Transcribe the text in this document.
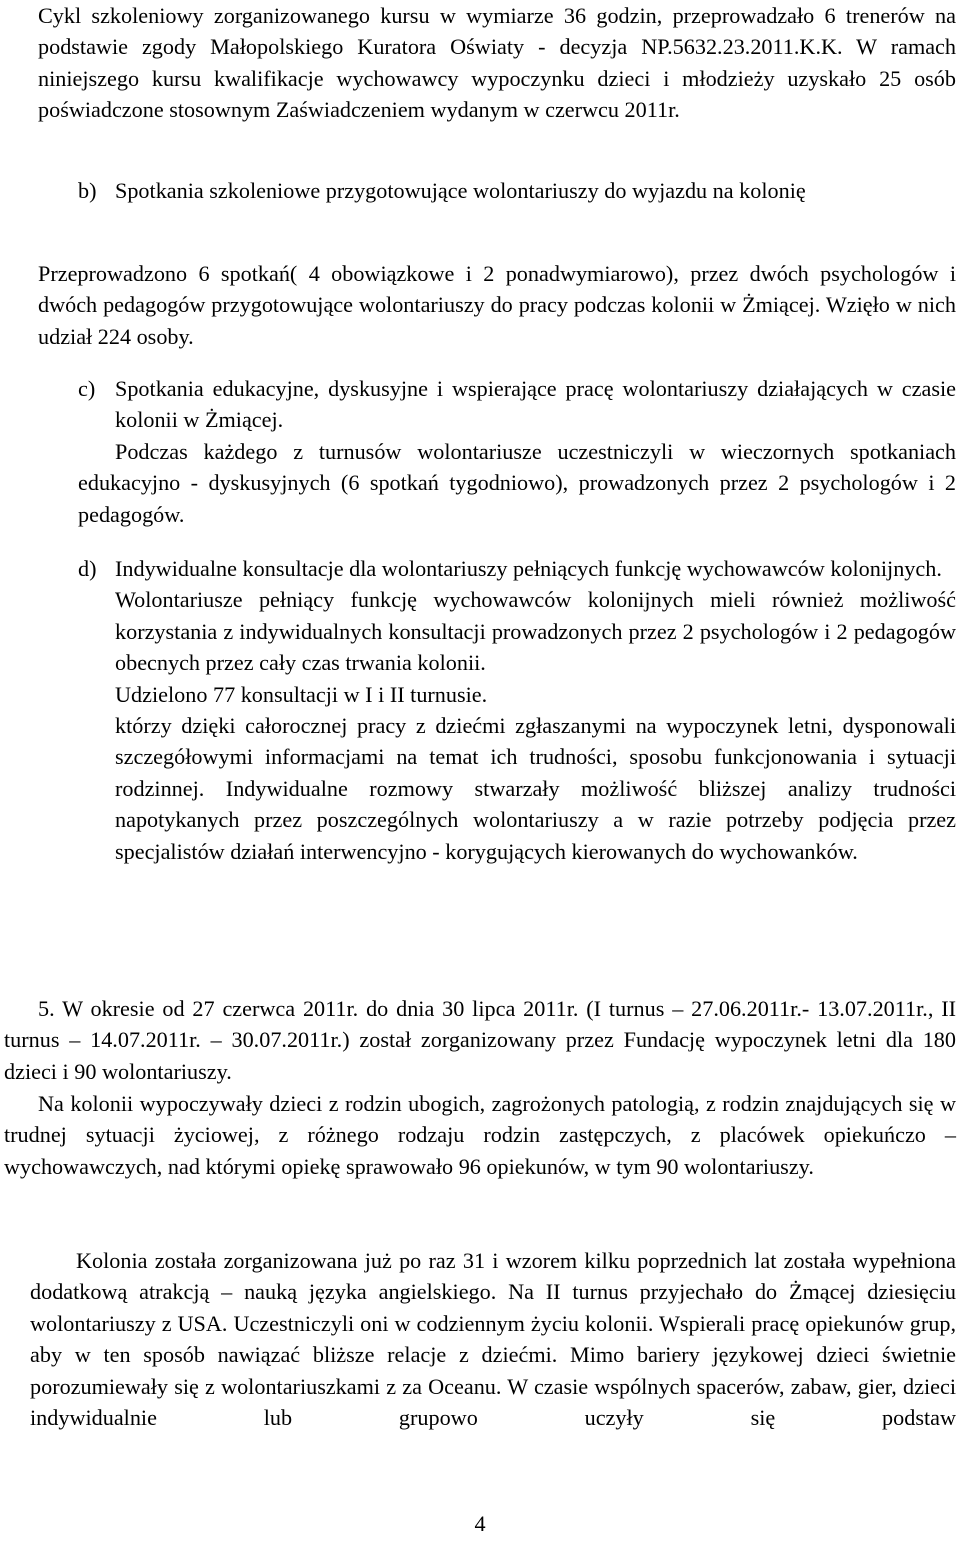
Cykl szkoleniowy zorganizowanego kursu w wymiarze 36 godzin, przeprowadzało 6 trenerów na podstawie zgody Małopolskiego Kuratora Oświaty - decyzja NP.5632.23.2011.K.K. W ramach niniejszego kursu kwalifikacje wychowawcy wypoczynku dzieci i młodzieży uzyskało 25 osób poświadczone stosownym Zaświadczeniem wydanym w czerwcu 2011r.

b) Spotkania szkoleniowe przygotowujące wolontariuszy do wyjazdu na kolonię

Przeprowadzono 6 spotkań( 4 obowiązkowe i 2 ponadwymiarowo), przez dwóch psychologów i dwóch pedagogów przygotowujące wolontariuszy do pracy podczas kolonii w Żmiącej. Wzięło w nich udział 224 osoby.

c) Spotkania edukacyjne, dyskusyjne i wspierające pracę wolontariuszy działających w czasie kolonii w Żmiącej.

Podczas każdego z turnusów wolontariusze uczestniczyli w wieczornych spotkaniach edukacyjno - dyskusyjnych (6 spotkań tygodniowo), prowadzonych przez 2 psychologów i 2 pedagogów.

d) Indywidualne konsultacje dla wolontariuszy pełniących funkcję wychowawców kolonijnych.

Wolontariusze pełniący funkcję wychowawców kolonijnych mieli również możliwość korzystania z indywidualnych konsultacji prowadzonych przez 2 psychologów i 2 pedagogów obecnych przez cały czas trwania kolonii.

Udzielono 77 konsultacji w I i II turnusie.

którzy dzięki całorocznej pracy z dziećmi zgłaszanymi na wypoczynek letni, dysponowali szczegółowymi informacjami na temat ich trudności, sposobu funkcjonowania i sytuacji rodzinnej. Indywidualne rozmowy stwarzały możliwość bliższej analizy trudności napotykanych przez poszczególnych wolontariuszy a w razie potrzeby podjęcia przez specjalistów działań interwencyjno - korygujących kierowanych do wychowanków.

5. W okresie od 27 czerwca 2011r. do dnia 30 lipca 2011r. (I turnus – 27.06.2011r.- 13.07.2011r., II turnus – 14.07.2011r. – 30.07.2011r.) został zorganizowany przez Fundację wypoczynek letni dla 180 dzieci i 90 wolontariuszy.

Na kolonii wypoczywały dzieci z rodzin ubogich, zagrożonych patologią, z rodzin znajdujących się w trudnej sytuacji życiowej, z różnego rodzaju rodzin zastępczych, z placówek opiekuńczo – wychowawczych, nad którymi opiekę sprawowało 96 opiekunów, w tym 90 wolontariuszy.

Kolonia została zorganizowana już po raz 31 i wzorem kilku poprzednich lat została wypełniona dodatkową atrakcją – nauką języka angielskiego. Na II turnus przyjechało do Żmącej dziesięciu wolontariuszy z USA. Uczestniczyli oni w codziennym życiu kolonii. Wspierali pracę opiekunów grup, aby w ten sposób nawiązać bliższe relacje z dziećmi. Mimo bariery językowej dzieci świetnie porozumiewały się z wolontariuszkami z za Oceanu. W czasie wspólnych spacerów, zabaw, gier, dzieci indywidualnie lub grupowo uczyły się podstaw

4
